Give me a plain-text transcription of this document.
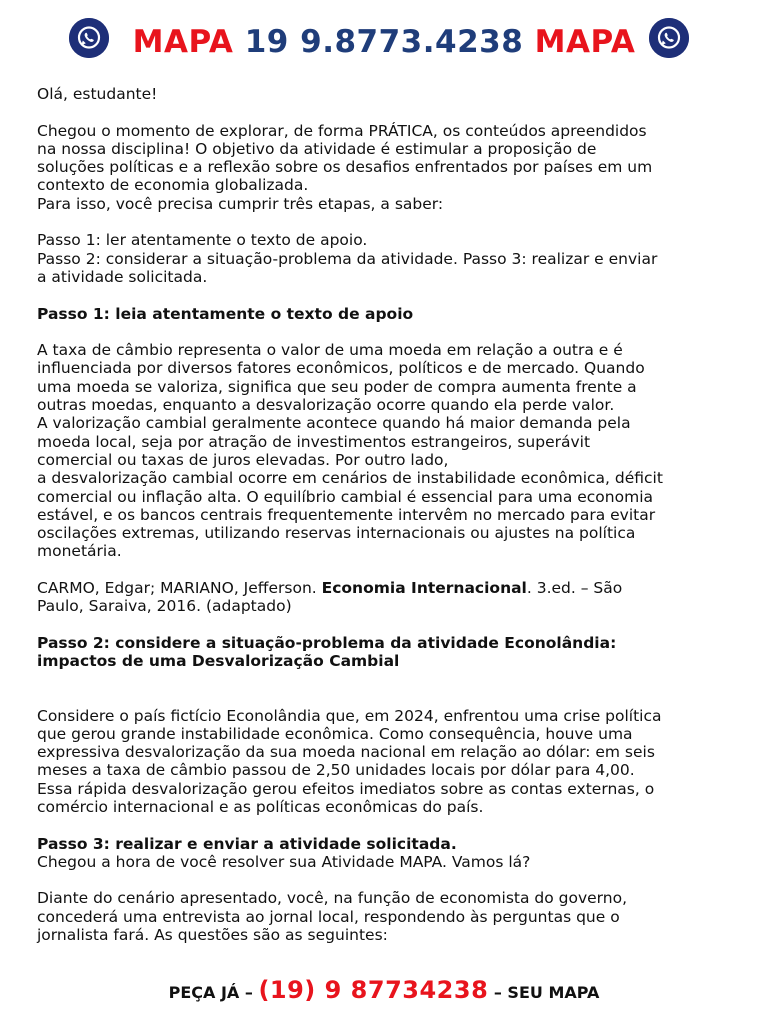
MAPA 19 9.8773.4238 MAPA

Olá, estudante!

Chegou o momento de explorar, de forma PRÁTICA, os conteúdos apreendidos

na nossa disciplina! O objetivo da atividade é estimular a proposição de

soluções políticas e a reflexão sobre os desafios enfrentados por países em um

contexto de economia globalizada.

Para isso, você precisa cumprir três etapas, a saber:

Passo 1: ler atentamente o texto de apoio.

Passo 2: considerar a situação-problema da atividade. Passo 3: realizar e enviar

a atividade solicitada.

Passo 1: leia atentamente o texto de apoio

A taxa de câmbio representa o valor de uma moeda em relação a outra e é

influenciada por diversos fatores econômicos, políticos e de mercado. Quando

uma moeda se valoriza, significa que seu poder de compra aumenta frente a

outras moedas, enquanto a desvalorização ocorre quando ela perde valor.

A valorização cambial geralmente acontece quando há maior demanda pela

moeda local, seja por atração de investimentos estrangeiros, superávit

comercial ou taxas de juros elevadas. Por outro lado,

a desvalorização cambial ocorre em cenários de instabilidade econômica, déficit

comercial ou inflação alta. O equilíbrio cambial é essencial para uma economia

estável, e os bancos centrais frequentemente intervêm no mercado para evitar

oscilações extremas, utilizando reservas internacionais ou ajustes na política

monetária.

CARMO, Edgar; MARIANO, Jefferson. Economia Internacional. 3.ed. – São

Paulo, Saraiva, 2016. (adaptado)

Passo 2: considere a situação-problema da atividade Econolândia:

impactos de uma Desvalorização Cambial

Considere o país fictício Econolândia que, em 2024, enfrentou uma crise política

que gerou grande instabilidade econômica. Como consequência, houve uma

expressiva desvalorização da sua moeda nacional em relação ao dólar: em seis

meses a taxa de câmbio passou de 2,50 unidades locais por dólar para 4,00.

Essa rápida desvalorização gerou efeitos imediatos sobre as contas externas, o

comércio internacional e as políticas econômicas do país.

Passo 3: realizar e enviar a atividade solicitada.

Chegou a hora de você resolver sua Atividade MAPA. Vamos lá?

Diante do cenário apresentado, você, na função de economista do governo,

concederá uma entrevista ao jornal local, respondendo às perguntas que o

jornalista fará. As questões são as seguintes:

PEÇA JÁ – (19) 9 87734238 – SEU MAPA
